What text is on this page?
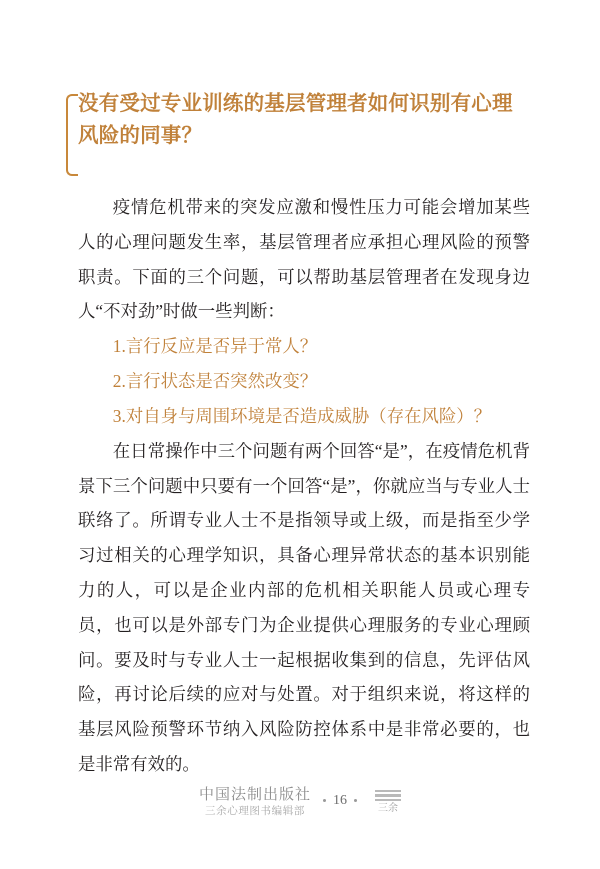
没有受过专业训练的基层管理者如何识别有心理风险的同事？

疫情危机带来的突发应激和慢性压力可能会增加某些人的心理问题发生率，基层管理者应承担心理风险的预警职责。下面的三个问题，可以帮助基层管理者在发现身边人“不对劲”时做一些判断：

1.言行反应是否异于常人？
2.言行状态是否突然改变？
3.对自身与周围环境是否造成威胁（存在风险）？

在日常操作中三个问题有两个回答“是”，在疫情危机背景下三个问题中只要有一个回答“是”，你就应当与专业人士联络了。所谓专业人士不是指领导或上级，而是指至少学习过相关的心理学知识，具备心理异常状态的基本识别能力的人，可以是企业内部的危机相关职能人员或心理专员，也可以是外部专门为企业提供心理服务的专业心理顾问。要及时与专业人士一起根据收集到的信息，先评估风险，再讨论后续的应对与处置。对于组织来说，将这样的基层风险预警环节纳入风险防控体系中是非常必要的，也是非常有效的。

中国法制出版社
三余心理图书编辑部
16
三余
